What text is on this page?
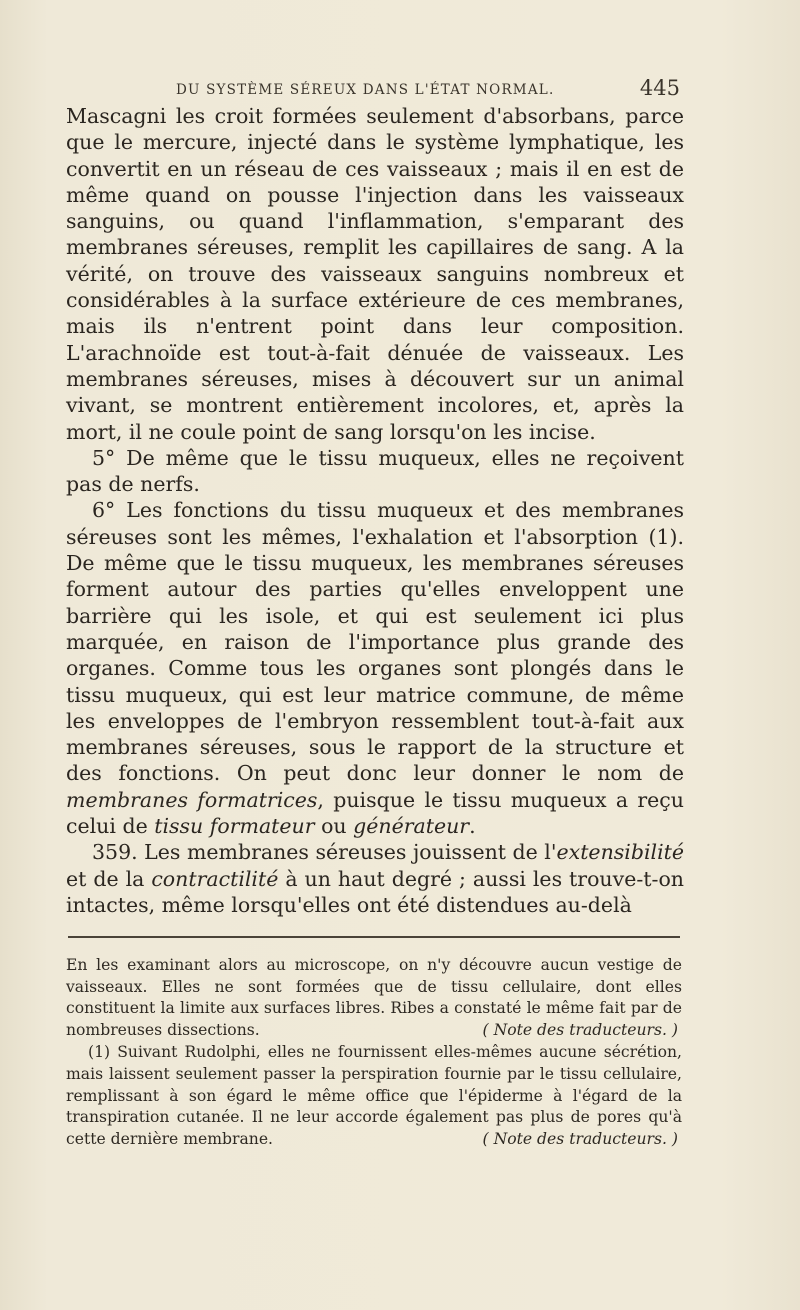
DU SYSTÈME SÉREUX DANS L'ÉTAT NORMAL.	445

Mascagni les croit formées seulement d'absorbans, parce que le mercure, injecté dans le système lymphatique, les convertit en un réseau de ces vaisseaux ; mais il en est de même quand on pousse l'injection dans les vaisseaux sanguins, ou quand l'inflammation, s'emparant des membranes séreuses, remplit les capillaires de sang. A la vérité, on trouve des vaisseaux sanguins nombreux et considérables à la surface extérieure de ces membranes, mais ils n'entrent point dans leur composition. L'arachnoïde est tout-à-fait dénuée de vaisseaux. Les membranes séreuses, mises à découvert sur un animal vivant, se montrent entièrement incolores, et, après la mort, il ne coule point de sang lorsqu'on les incise.

5° De même que le tissu muqueux, elles ne reçoivent pas de nerfs.

6° Les fonctions du tissu muqueux et des membranes séreuses sont les mêmes, l'exhalation et l'absorption (1). De même que le tissu muqueux, les membranes séreuses forment autour des parties qu'elles enveloppent une barrière qui les isole, et qui est seulement ici plus marquée, en raison de l'importance plus grande des organes. Comme tous les organes sont plongés dans le tissu muqueux, qui est leur matrice commune, de même les enveloppes de l'embryon ressemblent tout-à-fait aux membranes séreuses, sous le rapport de la structure et des fonctions. On peut donc leur donner le nom de membranes formatrices, puisque le tissu muqueux a reçu celui de tissu formateur ou générateur.

359. Les membranes séreuses jouissent de l'extensibilité et de la contractilité à un haut degré ; aussi les trouve-t-on intactes, même lorsqu'elles ont été distendues au-delà

En les examinant alors au microscope, on n'y découvre aucun vestige de vaisseaux. Elles ne sont formées que de tissu cellulaire, dont elles constituent la limite aux surfaces libres. Ribes a constaté le même fait par de nombreuses dissections.	( Note des traducteurs. )

(1) Suivant Rudolphi, elles ne fournissent elles-mêmes aucune sécrétion, mais laissent seulement passer la perspiration fournie par le tissu cellulaire, remplissant à son égard le même office que l'épiderme à l'égard de la transpiration cutanée. Il ne leur accorde également pas plus de pores qu'à cette dernière membrane.	( Note des traducteurs. )
